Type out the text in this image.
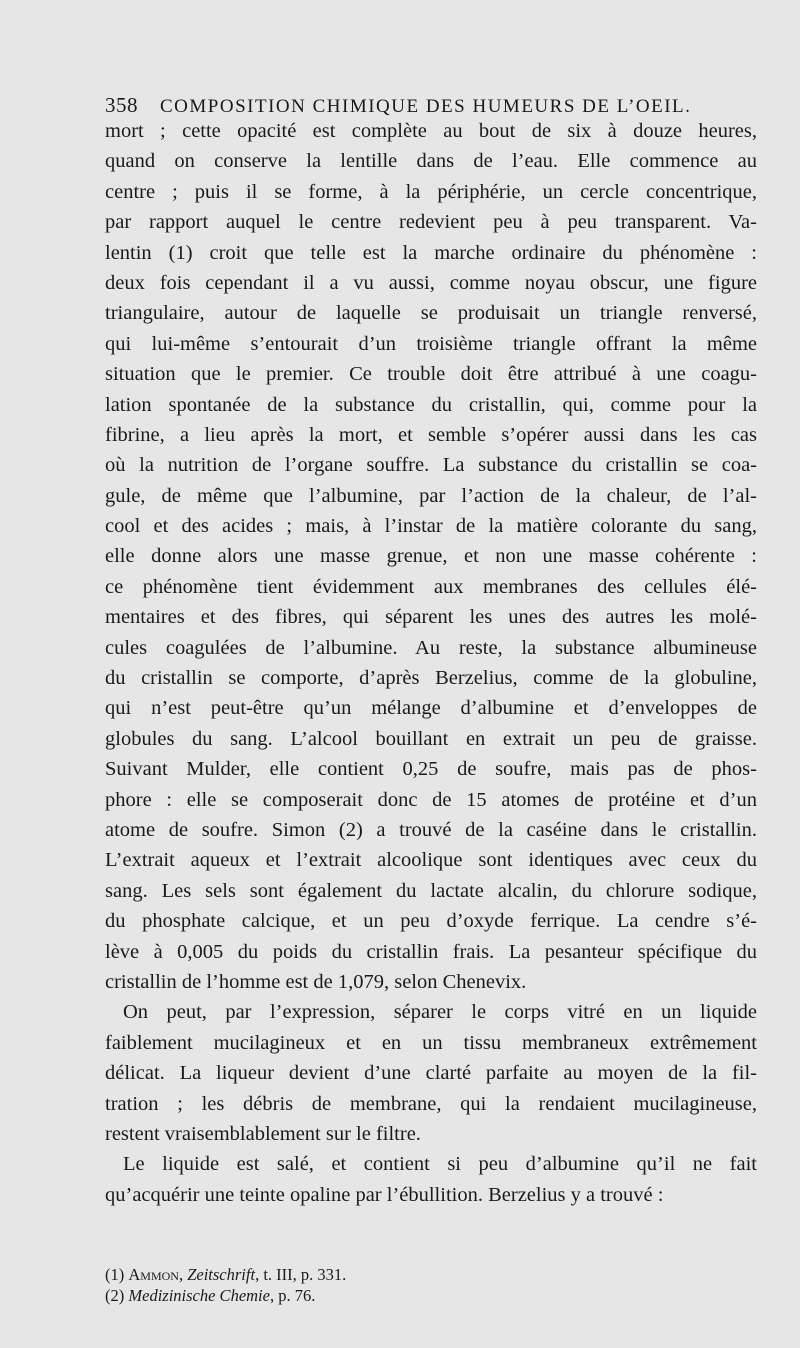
358 COMPOSITION CHIMIQUE DES HUMEURS DE L’OEIL.
mort ; cette opacité est complète au bout de six à douze heures,
quand on conserve la lentille dans de l’eau. Elle commence au
centre ; puis il se forme, à la périphérie, un cercle concentrique,
par rapport auquel le centre redevient peu à peu transparent. Va-
lentin (1) croit que telle est la marche ordinaire du phénomène :
deux fois cependant il a vu aussi, comme noyau obscur, une figure
triangulaire, autour de laquelle se produisait un triangle renversé,
qui lui-même s’entourait d’un troisième triangle offrant la même
situation que le premier. Ce trouble doit être attribué à une coagu-
lation spontanée de la substance du cristallin, qui, comme pour la
fibrine, a lieu après la mort, et semble s’opérer aussi dans les cas
où la nutrition de l’organe souffre. La substance du cristallin se coa-
gule, de même que l’albumine, par l’action de la chaleur, de l’al-
cool et des acides ; mais, à l’instar de la matière colorante du sang,
elle donne alors une masse grenue, et non une masse cohérente :
ce phénomène tient évidemment aux membranes des cellules élé-
mentaires et des fibres, qui séparent les unes des autres les molé-
cules coagulées de l’albumine. Au reste, la substance albumineuse
du cristallin se comporte, d’après Berzelius, comme de la globuline,
qui n’est peut-être qu’un mélange d’albumine et d’enveloppes de
globules du sang. L’alcool bouillant en extrait un peu de graisse.
Suivant Mulder, elle contient 0,25 de soufre, mais pas de phos-
phore : elle se composerait donc de 15 atomes de protéine et d’un
atome de soufre. Simon (2) a trouvé de la caséine dans le cristallin.
L’extrait aqueux et l’extrait alcoolique sont identiques avec ceux du
sang. Les sels sont également du lactate alcalin, du chlorure sodique,
du phosphate calcique, et un peu d’oxyde ferrique. La cendre s’é-
lève à 0,005 du poids du cristallin frais. La pesanteur spécifique du
cristallin de l’homme est de 1,079, selon Chenevix.
On peut, par l’expression, séparer le corps vitré en un liquide
faiblement mucilagineux et en un tissu membraneux extrêmement
délicat. La liqueur devient d’une clarté parfaite au moyen de la fil-
tration ; les débris de membrane, qui la rendaient mucilagineuse,
restent vraisemblablement sur le filtre.
Le liquide est salé, et contient si peu d’albumine qu’il ne fait
qu’acquérir une teinte opaline par l’ébullition. Berzelius y a trouvé :
(1) Ammon, Zeitschrift, t. III, p. 331.
(2) Medizinische Chemie, p. 76.
